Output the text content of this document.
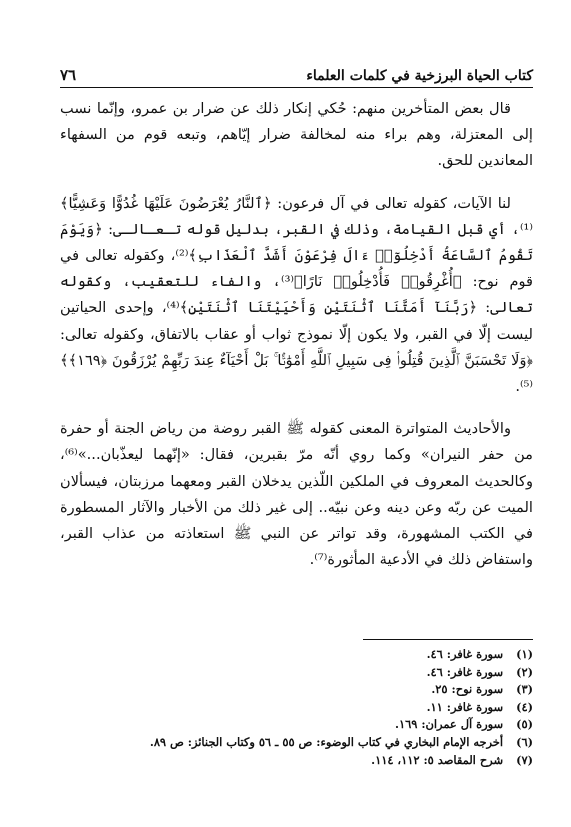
٧٦	كتاب الحياة البرزخية في كلمات العلماء

قال بعض المتأخرين منهم: حُكي إنكار ذلك عن ضرار بن عمرو، وإنّما نسب إلى المعتزلة، وهم براء منه لمخالفة ضرار إيّاهم، وتبعه قوم من السفهاء المعاندين للحق.

لنا الآيات، كقوله تعالى في آل فرعون: ﴿ٱلنَّارُ يُعْرَضُونَ عَلَيْهَا غُدُوًّا وَعَشِيًّا﴾⁽¹⁾، أي قبل القيامة، وذلك في القبر، بدليل قوله تـعـالـى: ﴿وَيَوْمَ تَقُومُ ٱلسَّاعَةُ أَدْخِلُوٓا۟ ءَالَ فِرْعَوْنَ أَشَدَّ ٱلْعَذَابِ﴾⁽²⁾، وكقوله تعالى في قوم نوح: ﴿أُغْرِقُوا۟ فَأُدْخِلُوا۟ نَارًا﴾⁽³⁾، والفاء للتعقيب، وكقوله تعالى: ﴿رَبَّنَآ أَمَتَّنَا ٱثْنَتَيْنِ وَأَحْيَيْتَنَا ٱثْنَتَيْنِ﴾⁽⁴⁾، وإحدى الحياتين ليست إلّا في القبر، ولا يكون إلّا نموذج ثواب أو عقاب بالاتفاق، وكقوله تعالى: ﴿وَلَا تَحْسَبَنَّ ٱلَّذِينَ قُتِلُوا۟ فِى سَبِيلِ ٱللَّهِ أَمْوَٰتًۢا ۚ بَلْ أَحْيَآءٌ عِندَ رَبِّهِمْ يُرْزَقُونَ ﴿١٦٩﴾﴾⁽⁵⁾.

والأحاديث المتواترة المعنى كقوله ﷺ القبر روضة من رياض الجنة أو حفرة من حفر النيران» وكما روي أنّه مرّ بقبرين، فقال: «إنّهما ليعذّبان...»⁽⁶⁾، وكالحديث المعروف في الملكين اللّذين يدخلان القبر ومعهما مرزبتان، فيسألان الميت عن ربّه وعن دينه وعن نبيّه.. إلى غير ذلك من الأخبار والآثار المسطورة في الكتب المشهورة، وقد تواتر عن النبي ﷺ استعاذته من عذاب القبر، واستفاض ذلك في الأدعية المأثورة⁽⁷⁾.

(١)
سورة غافر: ٤٦.
(٢)
سورة غافر: ٤٦.
(٣)
سورة نوح: ٢٥.
(٤)
سورة غافر: ١١.
(٥)
سورة آل عمران: ١٦٩.
(٦)
أخرجه الإمام البخاري في كتاب الوضوء: ص ٥٥ ـ ٥٦ وكتاب الجنائز: ص ٨٩.
(٧)
شرح المقاصد ٥: ١١٢، ١١٤.
